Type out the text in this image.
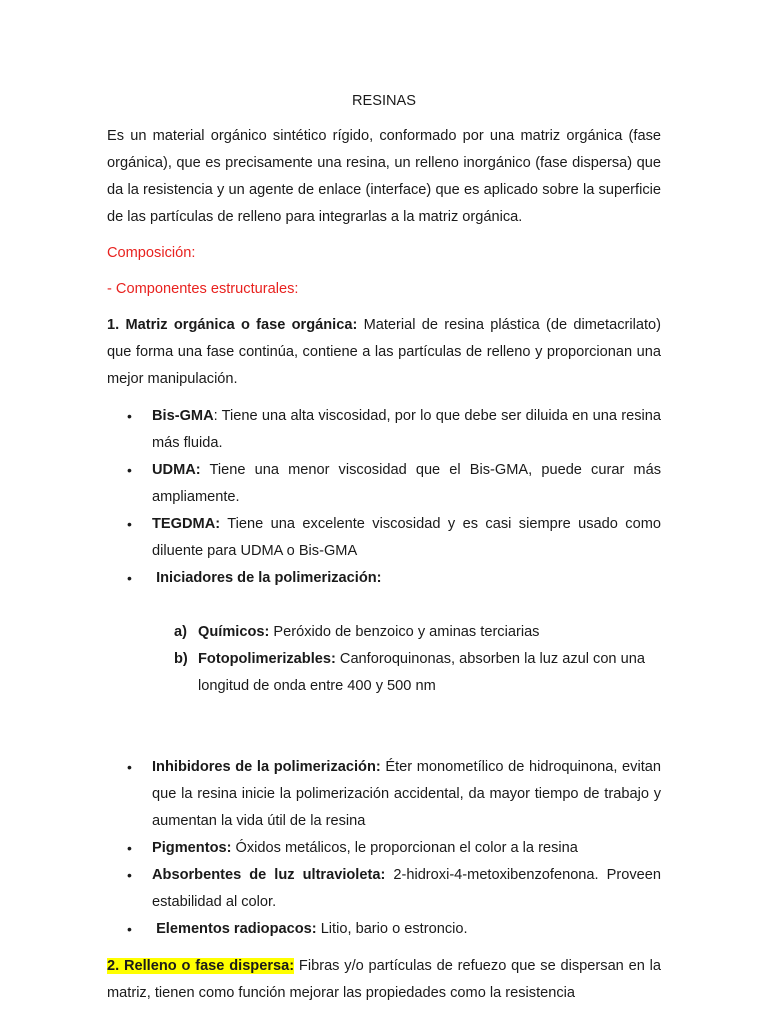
RESINAS

Es un material orgánico sintético rígido, conformado por una matriz orgánica (fase orgánica), que es precisamente una resina, un relleno inorgánico (fase dispersa) que da la resistencia y un agente de enlace (interface) que es aplicado sobre la superficie de las partículas de relleno para integrarlas a la matriz orgánica.

Composición:

- Componentes estructurales:

1. Matriz orgánica o fase orgánica: Material de resina plástica (de dimetacrilato) que forma una fase continúa, contiene a las partículas de relleno y proporcionan una mejor manipulación.

• Bis-GMA: Tiene una alta viscosidad, por lo que debe ser diluida en una resina más fluida.
• UDMA: Tiene una menor viscosidad que el Bis-GMA, puede curar más ampliamente.
• TEGDMA: Tiene una excelente viscosidad y es casi siempre usado como diluente para UDMA o Bis-GMA
•  Iniciadores de la polimerización:

a) Químicos: Peróxido de benzoico y aminas terciarias
b) Fotopolimerizables: Canforoquinonas, absorben la luz azul con una longitud de onda entre 400 y 500 nm

• Inhibidores de la polimerización: Éter monometílico de hidroquinona, evitan que la resina inicie la polimerización accidental, da mayor tiempo de trabajo y aumentan la vida útil de la resina
• Pigmentos: Óxidos metálicos, le proporcionan el color a la resina
• Absorbentes de luz ultravioleta: 2-hidroxi-4-metoxibenzofenona. Proveen estabilidad al color.
•  Elementos radiopacos: Litio, bario o estroncio.

2. Relleno o fase dispersa: Fibras y/o partículas de refuezo que se dispersan en la matriz, tienen como función mejorar las propiedades como la resistencia
